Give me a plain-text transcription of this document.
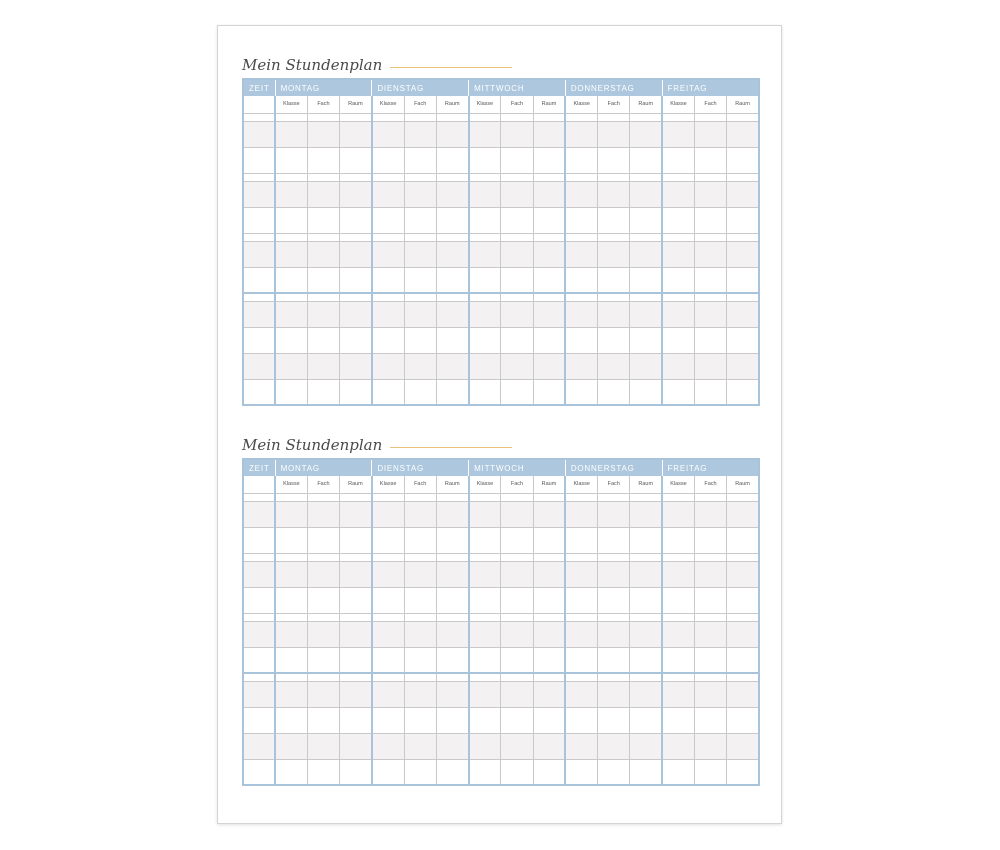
Mein Stundenplan
ZEIT	MONTAG			DIENSTAG			MITTWOCH			DONNERSTAG			FREITAG		
	Klasse	Fach	Raum	Klasse	Fach	Raum	Klasse	Fach	Raum	Klasse	Fach	Raum	Klasse	Fach	Raum

Mein Stundenplan
ZEIT	MONTAG			DIENSTAG			MITTWOCH			DONNERSTAG			FREITAG		
	Klasse	Fach	Raum	Klasse	Fach	Raum	Klasse	Fach	Raum	Klasse	Fach	Raum	Klasse	Fach	Raum
